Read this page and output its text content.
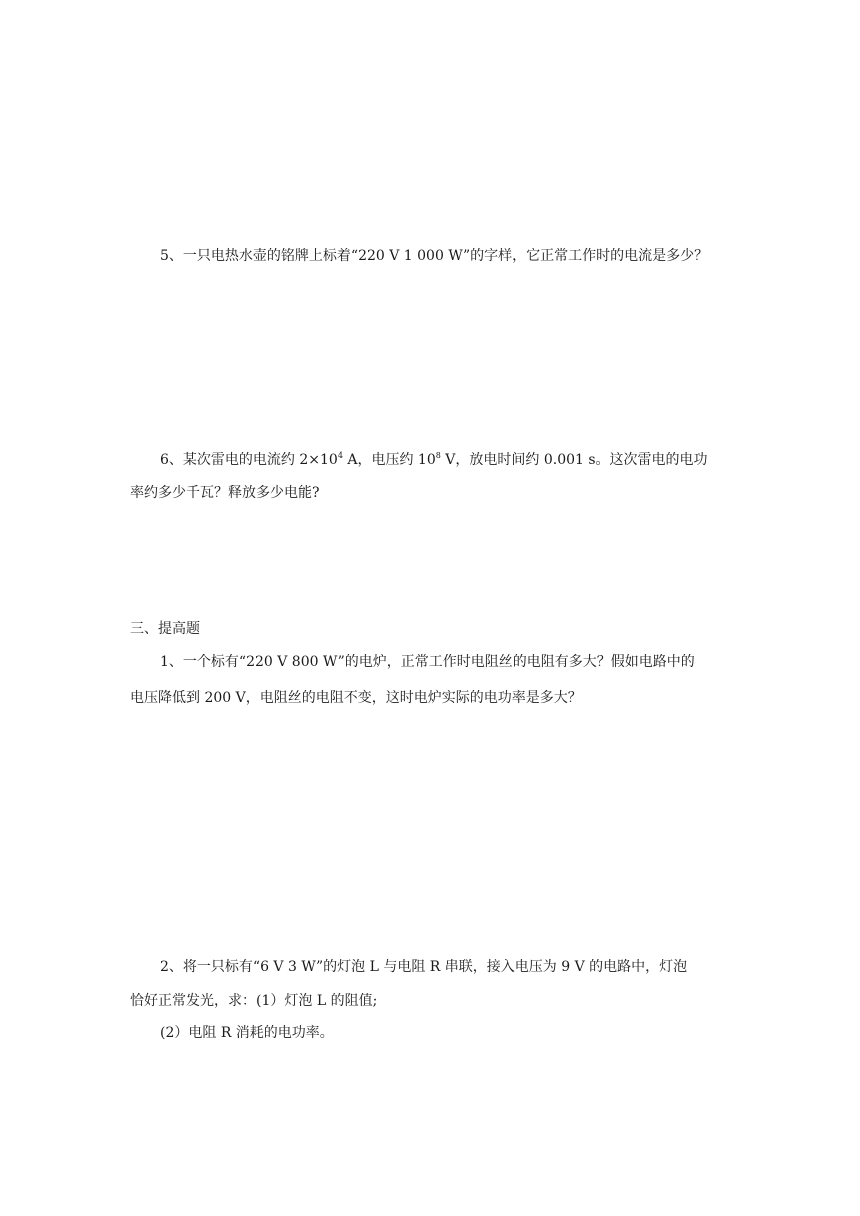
5、一只电热水壶的铭牌上标着“220 V 1 000 W”的字样，它正常工作时的电流是多少？
6、某次雷电的电流约 $2\times 10^4$ A，电压约 $10^8$ V，放电时间约 0.001 s。这次雷电的电功
率约多少千瓦？释放多少电能?
三、提高题
1、一个标有“220 V 800 W”的电炉，正常工作时电阻丝的电阻有多大？假如电路中的
电压降低到 200 V，电阻丝的电阻不变，这时电炉实际的电功率是多大？
2、将一只标有“6 V 3 W”的灯泡 L 与电阻 R 串联，接入电压为 9 V 的电路中，灯泡
恰好正常发光，求：(1）灯泡 L 的阻值;
(2）电阻 R 消耗的电功率。
